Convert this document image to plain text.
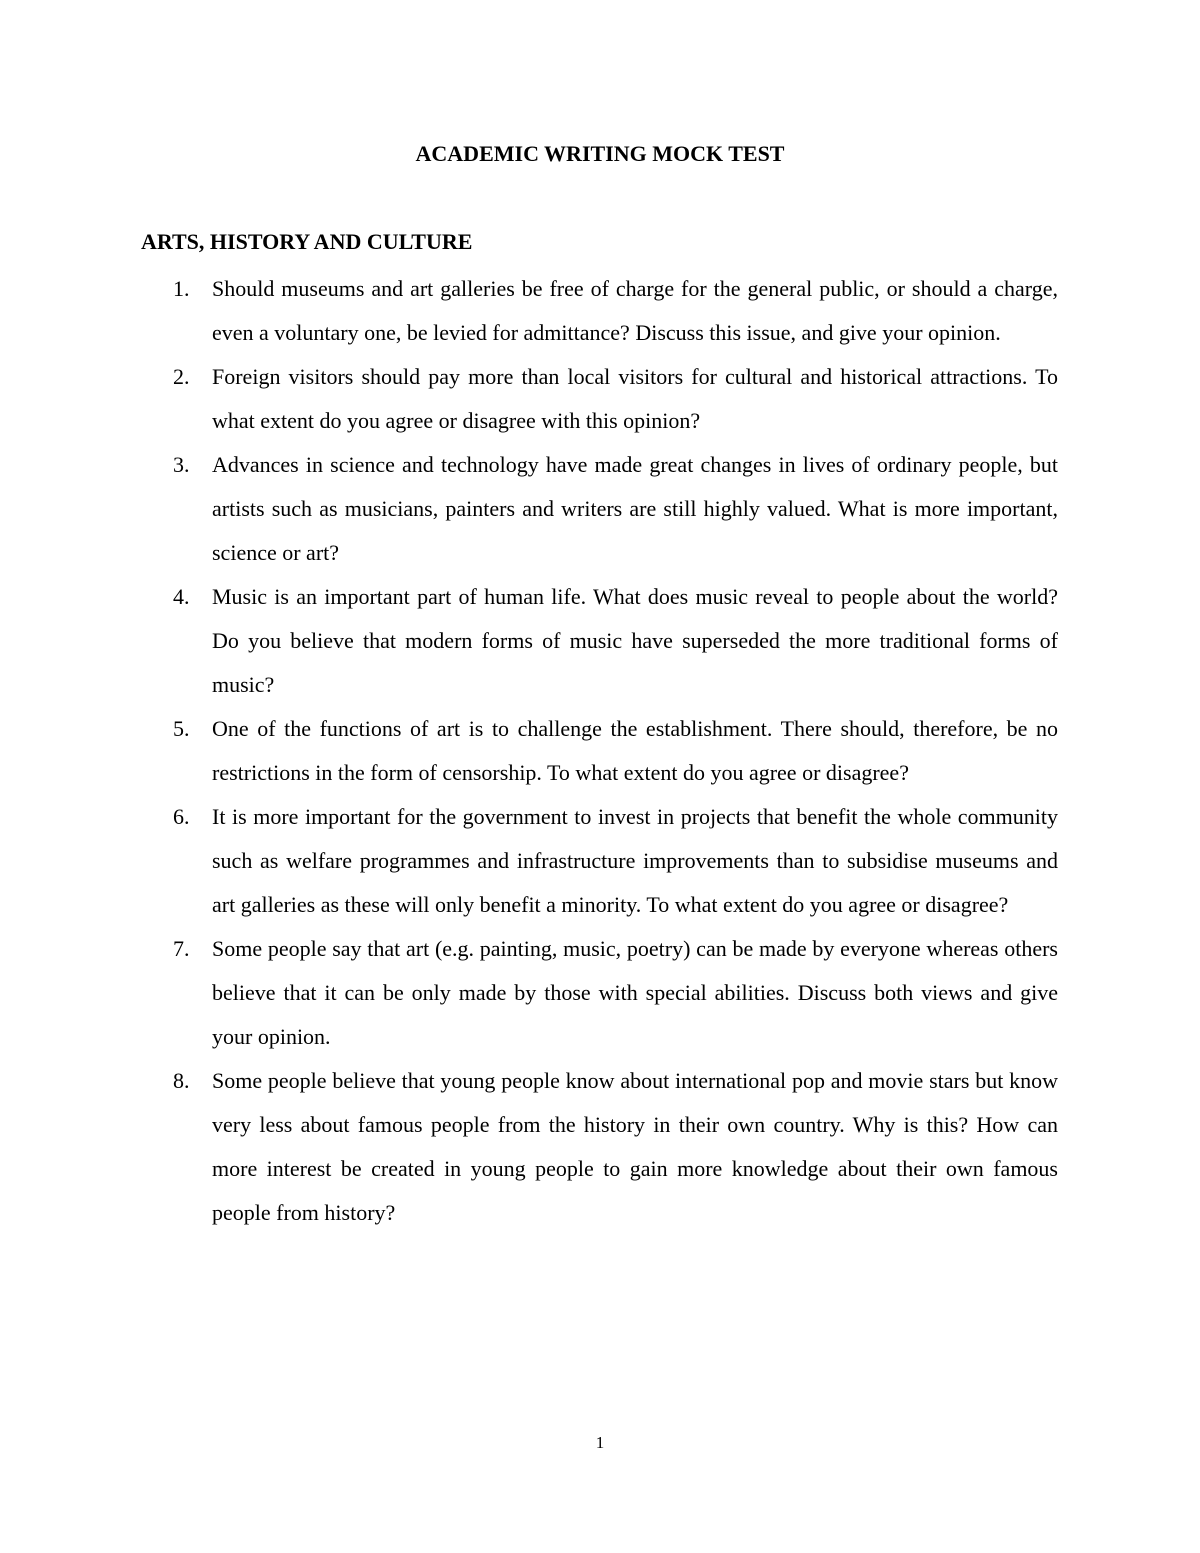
ACADEMIC WRITING MOCK TEST
ARTS, HISTORY AND CULTURE
1. Should museums and art galleries be free of charge for the general public, or should a charge, even a voluntary one, be levied for admittance? Discuss this issue, and give your opinion.

2. Foreign visitors should pay more than local visitors for cultural and historical attractions. To what extent do you agree or disagree with this opinion?

3. Advances in science and technology have made great changes in lives of ordinary people, but artists such as musicians, painters and writers are still highly valued. What is more important, science or art?

4. Music is an important part of human life. What does music reveal to people about the world? Do you believe that modern forms of music have superseded the more traditional forms of music?

5. One of the functions of art is to challenge the establishment. There should, therefore, be no restrictions in the form of censorship. To what extent do you agree or disagree?

6. It is more important for the government to invest in projects that benefit the whole community such as welfare programmes and infrastructure improvements than to subsidise museums and art galleries as these will only benefit a minority. To what extent do you agree or disagree?

7. Some people say that art (e.g. painting, music, poetry) can be made by everyone whereas others believe that it can be only made by those with special abilities. Discuss both views and give your opinion.

8. Some people believe that young people know about international pop and movie stars but know very less about famous people from the history in their own country. Why is this? How can more interest be created in young people to gain more knowledge about their own famous people from history?

1
